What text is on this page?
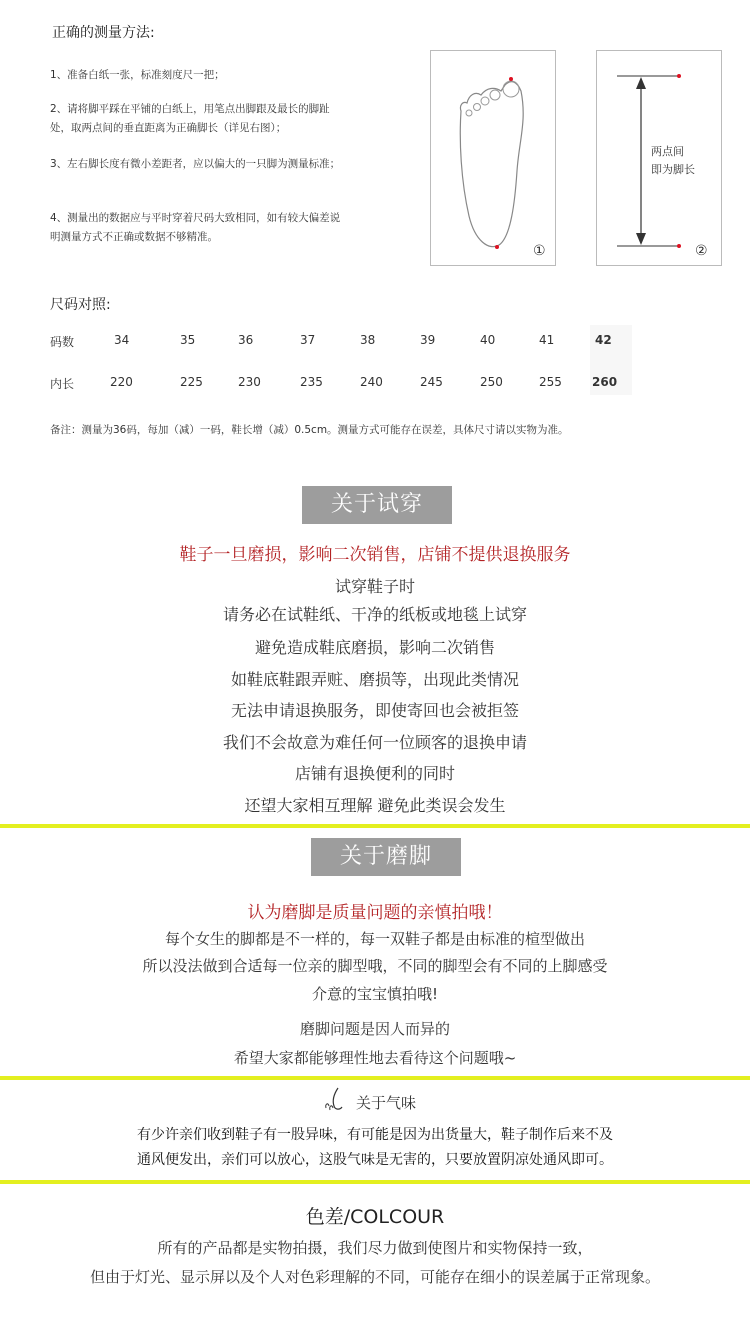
正确的测量方法:
1、准备白纸一张，标准刻度尺一把；
2、请将脚平踩在平铺的白纸上，用笔点出脚跟及最长的脚趾处，取两点间的垂直距离为正确脚长（详见右图）；
3、左右脚长度有微小差距者，应以偏大的一只脚为测量标准；
4、测量出的数据应与平时穿着尺码大致相同，如有较大偏差说明测量方式不正确或数据不够精准。
①
两点间
即为脚长
②
尺码对照:
码数	34	35	36	37	38	39	40	41	42
内长	220	225	230	235	240	245	250	255	260
备注：测量为36码，每加（减）一码，鞋长增（减）0.5cm。测量方式可能存在误差，具体尺寸请以实物为准。
关于试穿
鞋子一旦磨损，影响二次销售，店铺不提供退换服务
试穿鞋子时
请务必在试鞋纸、干净的纸板或地毯上试穿
避免造成鞋底磨损，影响二次销售
如鞋底鞋跟弄赃、磨损等，出现此类情况
无法申请退换服务，即使寄回也会被拒签
我们不会故意为难任何一位顾客的退换申请
店铺有退换便利的同时
还望大家相互理解 避免此类误会发生
关于磨脚
认为磨脚是质量问题的亲慎拍哦！
每个女生的脚都是不一样的，每一双鞋子都是由标准的楦型做出
所以没法做到合适每一位亲的脚型哦，不同的脚型会有不同的上脚感受
介意的宝宝慎拍哦!
磨脚问题是因人而异的
希望大家都能够理性地去看待这个问题哦~
关于气味
有少许亲们收到鞋子有一股异味，有可能是因为出货量大，鞋子制作后来不及
通风便发出，亲们可以放心，这股气味是无害的，只要放置阴凉处通风即可。
色差/COLCOUR
所有的产品都是实物拍摄，我们尽力做到使图片和实物保持一致，
但由于灯光、显示屏以及个人对色彩理解的不同，可能存在细小的误差属于正常现象。
